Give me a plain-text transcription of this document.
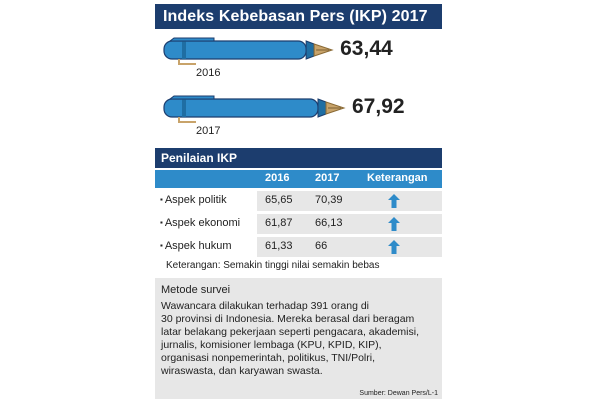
Indeks Kebebasan Pers (IKP) 2017
63,44
67,92
2016
2017
Penilaian IKP
2016 2017	Keterangan
▪ Aspek politik	65,65 70,39
▪ Aspek ekonomi 61,87 66,13
▪ Aspek hukum	61,33 66
Keterangan: Semakin tinggi nilai semakin bebas
Metode survei
Wawancara dilakukan terhadap 391 orang di
30 provinsi di Indonesia. Mereka berasal dari beragam
latar belakang pekerjaan seperti pengacara, akademisi,
jurnalis, komisioner lembaga (KPU, KPID, KIP),
organisasi nonpemerintah, politikus, TNI/Polri,
wiraswasta, dan karyawan swasta.
Sumber: Dewan Pers/L-1
